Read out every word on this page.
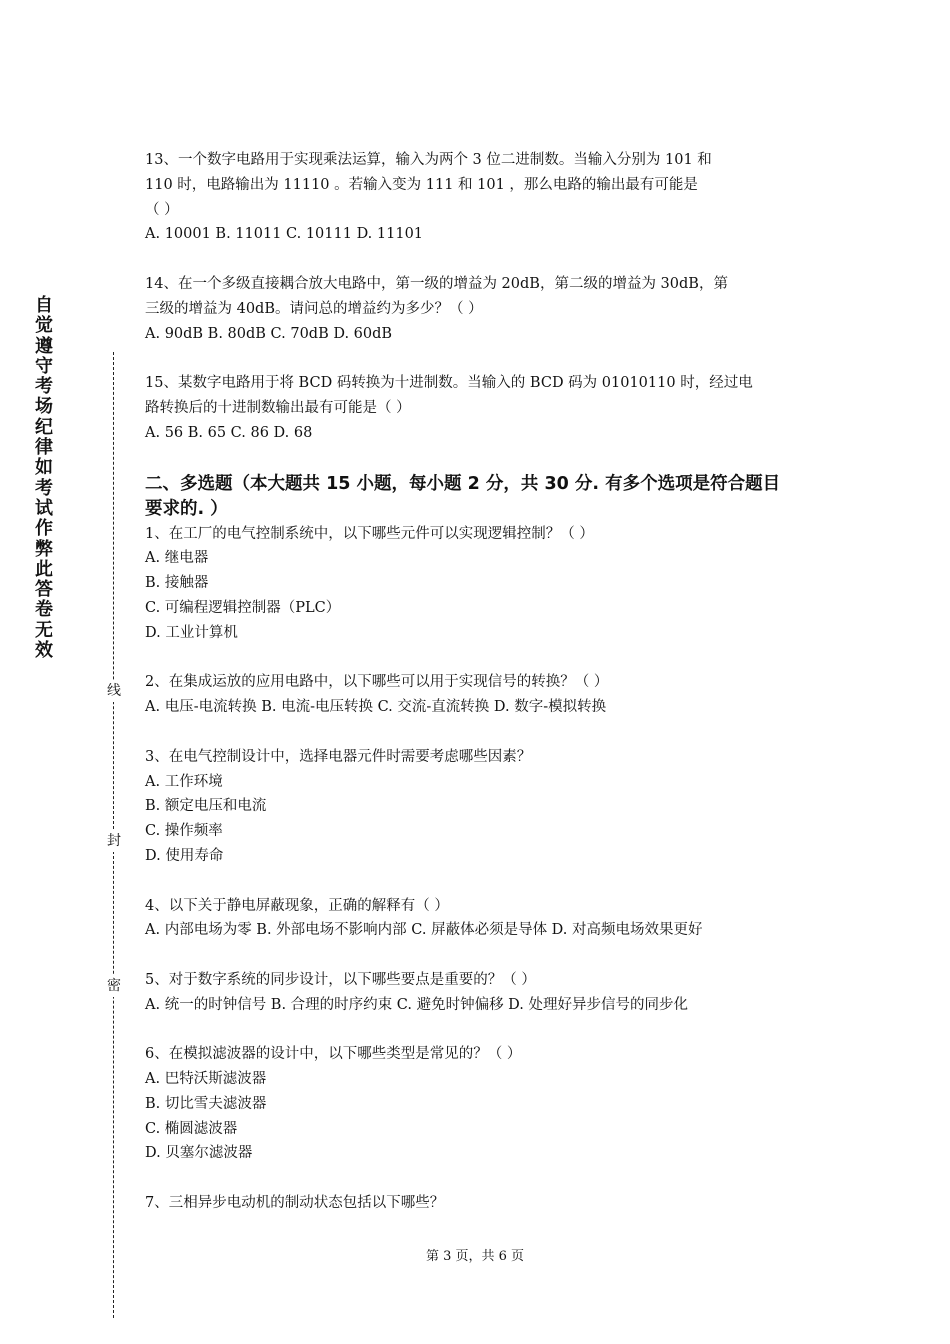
自
觉
遵
守
考
场
纪
律
如
考
试
作
弊
此
答
卷
无
效
线
封
密

13、一个数字电路用于实现乘法运算，输入为两个 3 位二进制数。当输入分别为 101 和

110 时，电路输出为 11110 。若输入变为 111 和 101 ，那么电路的输出最有可能是

（ ）

A. 10001 B. 11011 C. 10111 D. 11101

14、在一个多级直接耦合放大电路中，第一级的增益为 20dB，第二级的增益为 30dB，第

三级的增益为 40dB。请问总的增益约为多少？（ ）

A. 90dB B. 80dB C. 70dB D. 60dB

15、某数字电路用于将 BCD 码转换为十进制数。当输入的 BCD 码为 01010110 时，经过电

路转换后的十进制数输出最有可能是（ ）

A. 56 B. 65 C. 86 D. 68

二、多选题（本大题共 15 小题，每小题 2 分，共 30 分. 有多个选项是符合题目

要求的. ）

1、在工厂的电气控制系统中，以下哪些元件可以实现逻辑控制？（ ）

A. 继电器

B. 接触器

C. 可编程逻辑控制器（PLC）

D. 工业计算机

2、在集成运放的应用电路中，以下哪些可以用于实现信号的转换？（ ）

A. 电压-电流转换 B. 电流-电压转换 C. 交流-直流转换 D. 数字-模拟转换

3、在电气控制设计中，选择电器元件时需要考虑哪些因素？

A. 工作环境

B. 额定电压和电流

C. 操作频率

D. 使用寿命

4、以下关于静电屏蔽现象，正确的解释有（ ）

A. 内部电场为零 B. 外部电场不影响内部 C. 屏蔽体必须是导体 D. 对高频电场效果更好

5、对于数字系统的同步设计，以下哪些要点是重要的？（ ）

A. 统一的时钟信号 B. 合理的时序约束 C. 避免时钟偏移 D. 处理好异步信号的同步化

6、在模拟滤波器的设计中，以下哪些类型是常见的？（ ）

A. 巴特沃斯滤波器

B. 切比雪夫滤波器

C. 椭圆滤波器

D. 贝塞尔滤波器

7、三相异步电动机的制动状态包括以下哪些？

第 3 页，共 6 页
